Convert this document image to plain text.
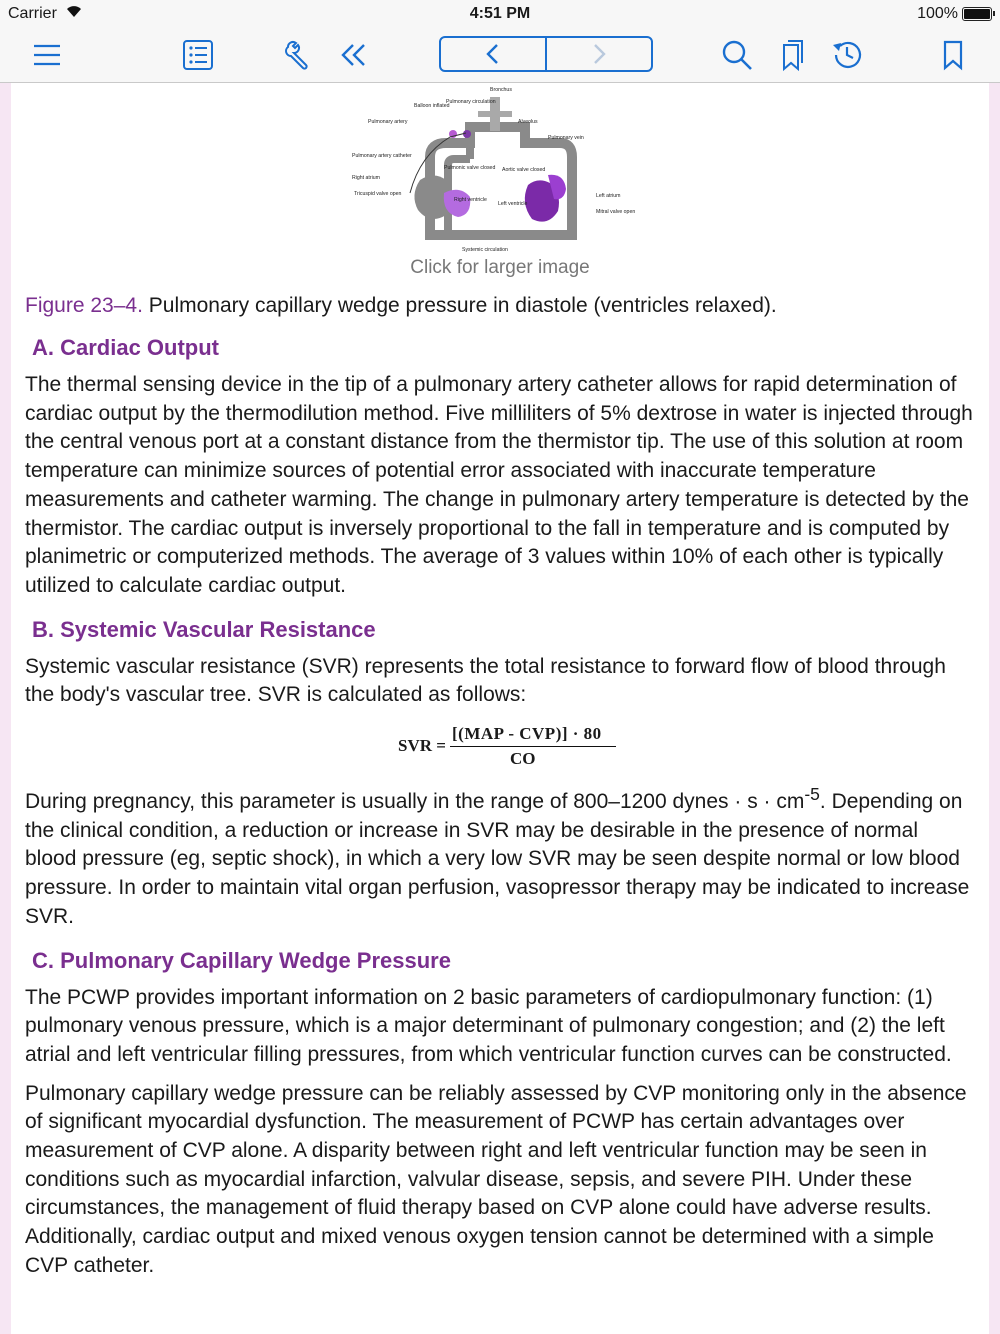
Carrier	4:51 PM	100%
Bronchus
Balloon inflated
Pulmonary circulation
Alveolus
Pulmonary artery
Pulmonary vein
Pulmonary artery catheter
Pulmonic valve closed Aortic valve closed
Right atrium
Tricuspid valve open
Right ventricle
Left ventricle
Left atrium
Mitral valve open
Systemic circulation
Click for larger image
Figure 23–4. Pulmonary capillary wedge pressure in diastole (ventricles relaxed).
A. Cardiac Output

The thermal sensing device in the tip of a pulmonary artery catheter allows for rapid determination of cardiac output by the thermodilution method. Five milliliters of 5% dextrose in water is injected through the central venous port at a constant distance from the thermistor tip. The use of this solution at room temperature can minimize sources of potential error associated with inaccurate temperature measurements and catheter warming. The change in pulmonary artery temperature is detected by the thermistor. The cardiac output is inversely proportional to the fall in temperature and is computed by planimetric or computerized methods. The average of 3 values within 10% of each other is typically utilized to calculate cardiac output.

B. Systemic Vascular Resistance

Systemic vascular resistance (SVR) represents the total resistance to forward flow of blood through the body's vascular tree. SVR is calculated as follows:

SVR =
[(MAP - CVP)] · 80
CO

During pregnancy, this parameter is usually in the range of 800–1200 dynes · $s \cdot cm^{-5}$. Depending on the clinical condition, a reduction or increase in SVR may be desirable in the presence of normal blood pressure (eg, septic shock), in which a very low SVR may be seen despite normal or low blood pressure. In order to maintain vital organ perfusion, vasopressor therapy may be indicated to increase SVR.

C. Pulmonary Capillary Wedge Pressure

The PCWP provides important information on 2 basic parameters of cardiopulmonary function: (1) pulmonary venous pressure, which is a major determinant of pulmonary congestion; and (2) the left atrial and left ventricular filling pressures, from which ventricular function curves can be constructed.

Pulmonary capillary wedge pressure can be reliably assessed by CVP monitoring only in the absence of significant myocardial dysfunction. The measurement of PCWP has certain advantages over measurement of CVP alone. A disparity between right and left ventricular function may be seen in conditions such as myocardial infarction, valvular disease, sepsis, and severe PIH. Under these circumstances, the management of fluid therapy based on CVP alone could have adverse results. Additionally, cardiac output and mixed venous oxygen tension cannot be determined with a simple CVP catheter.
